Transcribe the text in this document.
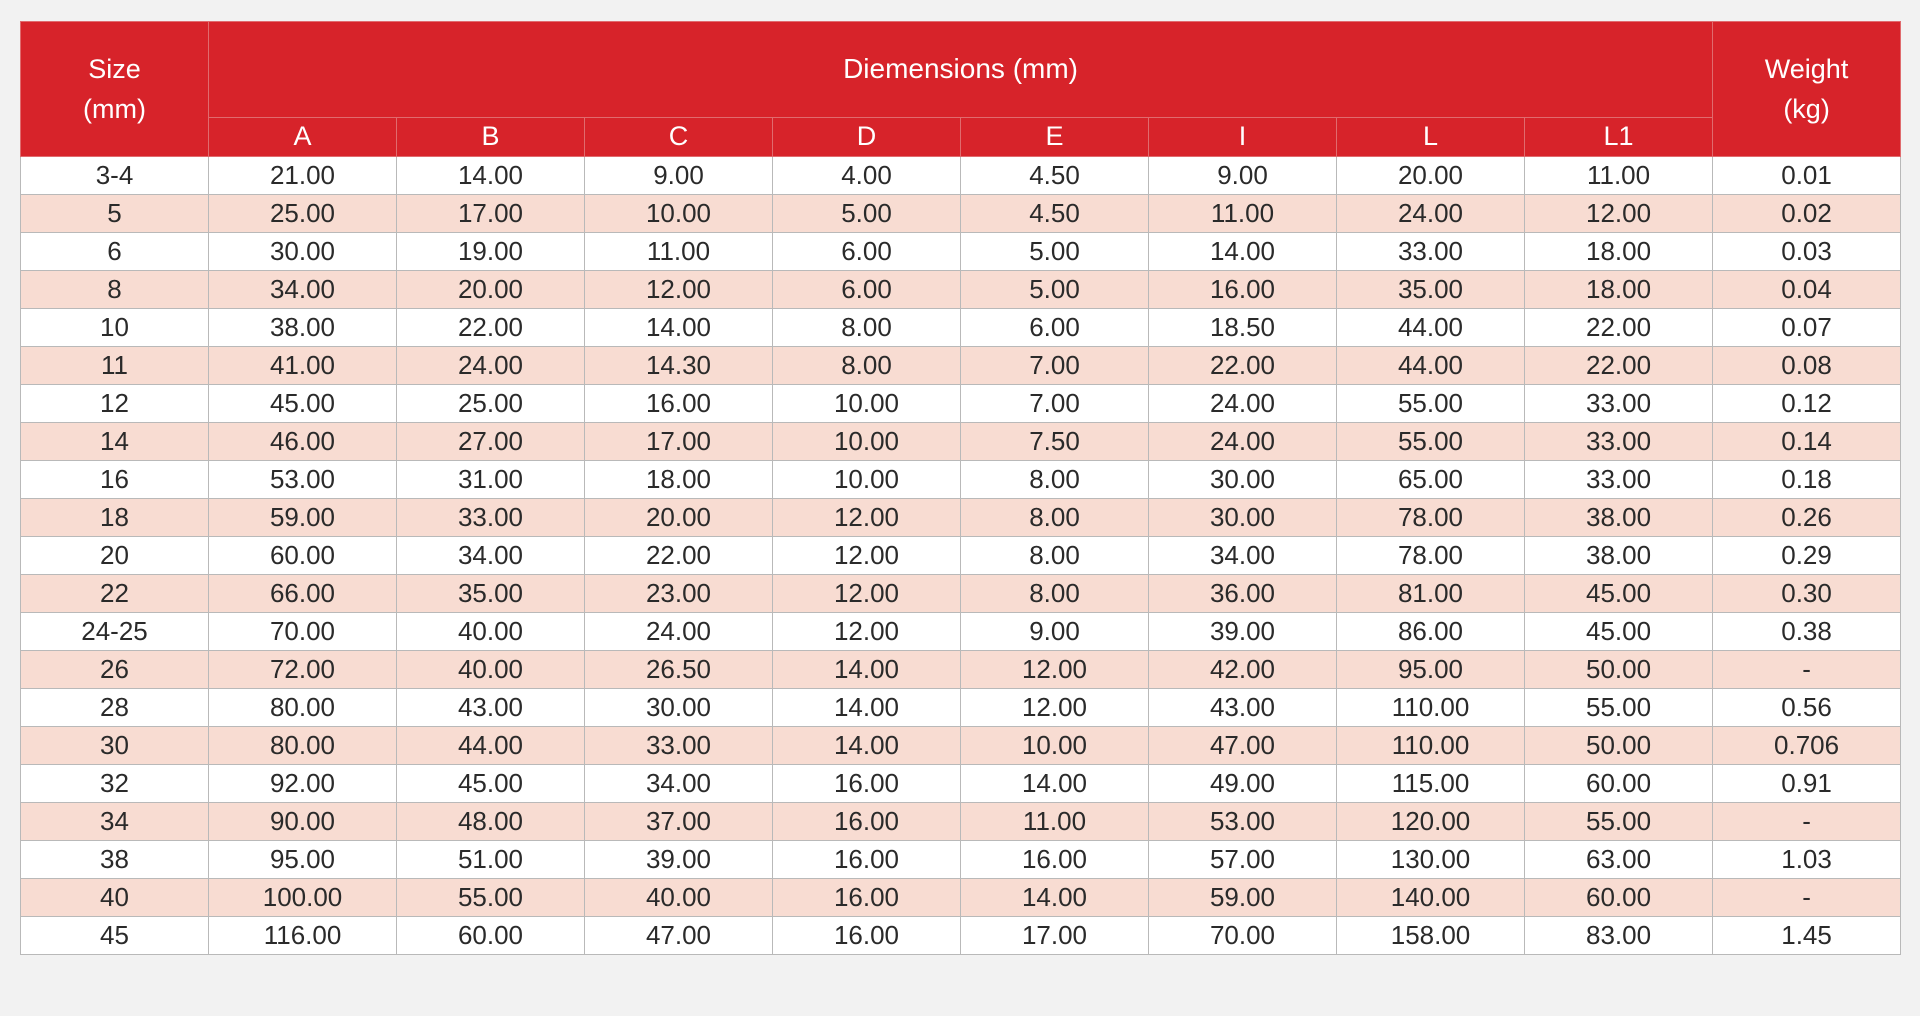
Size
(mm)	Diemensions (mm)								Weight
(kg)
	A	B	C	D	E	I	L	L1	
3-4	21.00	14.00	9.00	4.00	4.50	9.00	20.00	11.00	0.01
5	25.00	17.00	10.00	5.00	4.50	11.00	24.00	12.00	0.02
6	30.00	19.00	11.00	6.00	5.00	14.00	33.00	18.00	0.03
8	34.00	20.00	12.00	6.00	5.00	16.00	35.00	18.00	0.04
10	38.00	22.00	14.00	8.00	6.00	18.50	44.00	22.00	0.07
11	41.00	24.00	14.30	8.00	7.00	22.00	44.00	22.00	0.08
12	45.00	25.00	16.00	10.00	7.00	24.00	55.00	33.00	0.12
14	46.00	27.00	17.00	10.00	7.50	24.00	55.00	33.00	0.14
16	53.00	31.00	18.00	10.00	8.00	30.00	65.00	33.00	0.18
18	59.00	33.00	20.00	12.00	8.00	30.00	78.00	38.00	0.26
20	60.00	34.00	22.00	12.00	8.00	34.00	78.00	38.00	0.29
22	66.00	35.00	23.00	12.00	8.00	36.00	81.00	45.00	0.30
24-25	70.00	40.00	24.00	12.00	9.00	39.00	86.00	45.00	0.38
26	72.00	40.00	26.50	14.00	12.00	42.00	95.00	50.00	-
28	80.00	43.00	30.00	14.00	12.00	43.00	110.00	55.00	0.56
30	80.00	44.00	33.00	14.00	10.00	47.00	110.00	50.00	0.706
32	92.00	45.00	34.00	16.00	14.00	49.00	115.00	60.00	0.91
34	90.00	48.00	37.00	16.00	11.00	53.00	120.00	55.00	-
38	95.00	51.00	39.00	16.00	16.00	57.00	130.00	63.00	1.03
40	100.00	55.00	40.00	16.00	14.00	59.00	140.00	60.00	-
45	116.00	60.00	47.00	16.00	17.00	70.00	158.00	83.00	1.45
